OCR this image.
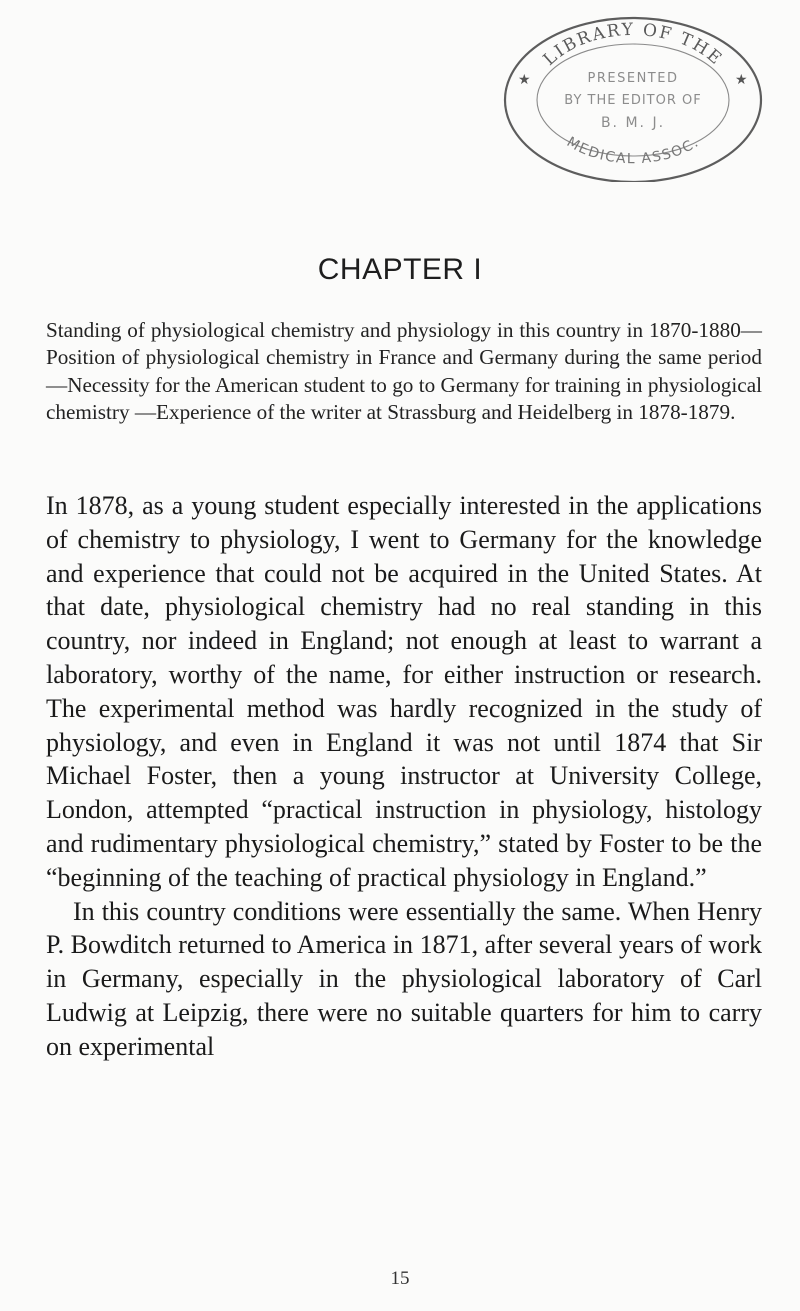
LIBRARY OF THE
MEDICAL ASSOC.
★	★
PRESENTED
BY THE EDITOR OF
B. M. J.
CHAPTER I
Standing of physiological chemistry and physiology in this country in 1870-1880—Position of physiological chemistry in France and Germany during the same period—Necessity for the American student to go to Germany for training in physiological chemistry —Experience of the writer at Strassburg and Heidelberg in 1878-1879.

In 1878, as a young student especially interested in the applications of chemistry to physiology, I went to Germany for the knowledge and experience that could not be acquired in the United States. At that date, physiological chemistry had no real standing in this country, nor indeed in England; not enough at least to warrant a laboratory, worthy of the name, for either instruction or research. The experimental method was hardly recognized in the study of physiology, and even in England it was not until 1874 that Sir Michael Foster, then a young instructor at University College, London, attempted “practical instruction in physiology, histology and rudimentary physiological chemistry,” stated by Foster to be the “beginning of the teaching of practical physiology in England.”

In this country conditions were essentially the same. When Henry P. Bowditch returned to America in 1871, after several years of work in Germany, especially in the physiological laboratory of Carl Ludwig at Leipzig, there were no suitable quarters for him to carry on experimental

15
